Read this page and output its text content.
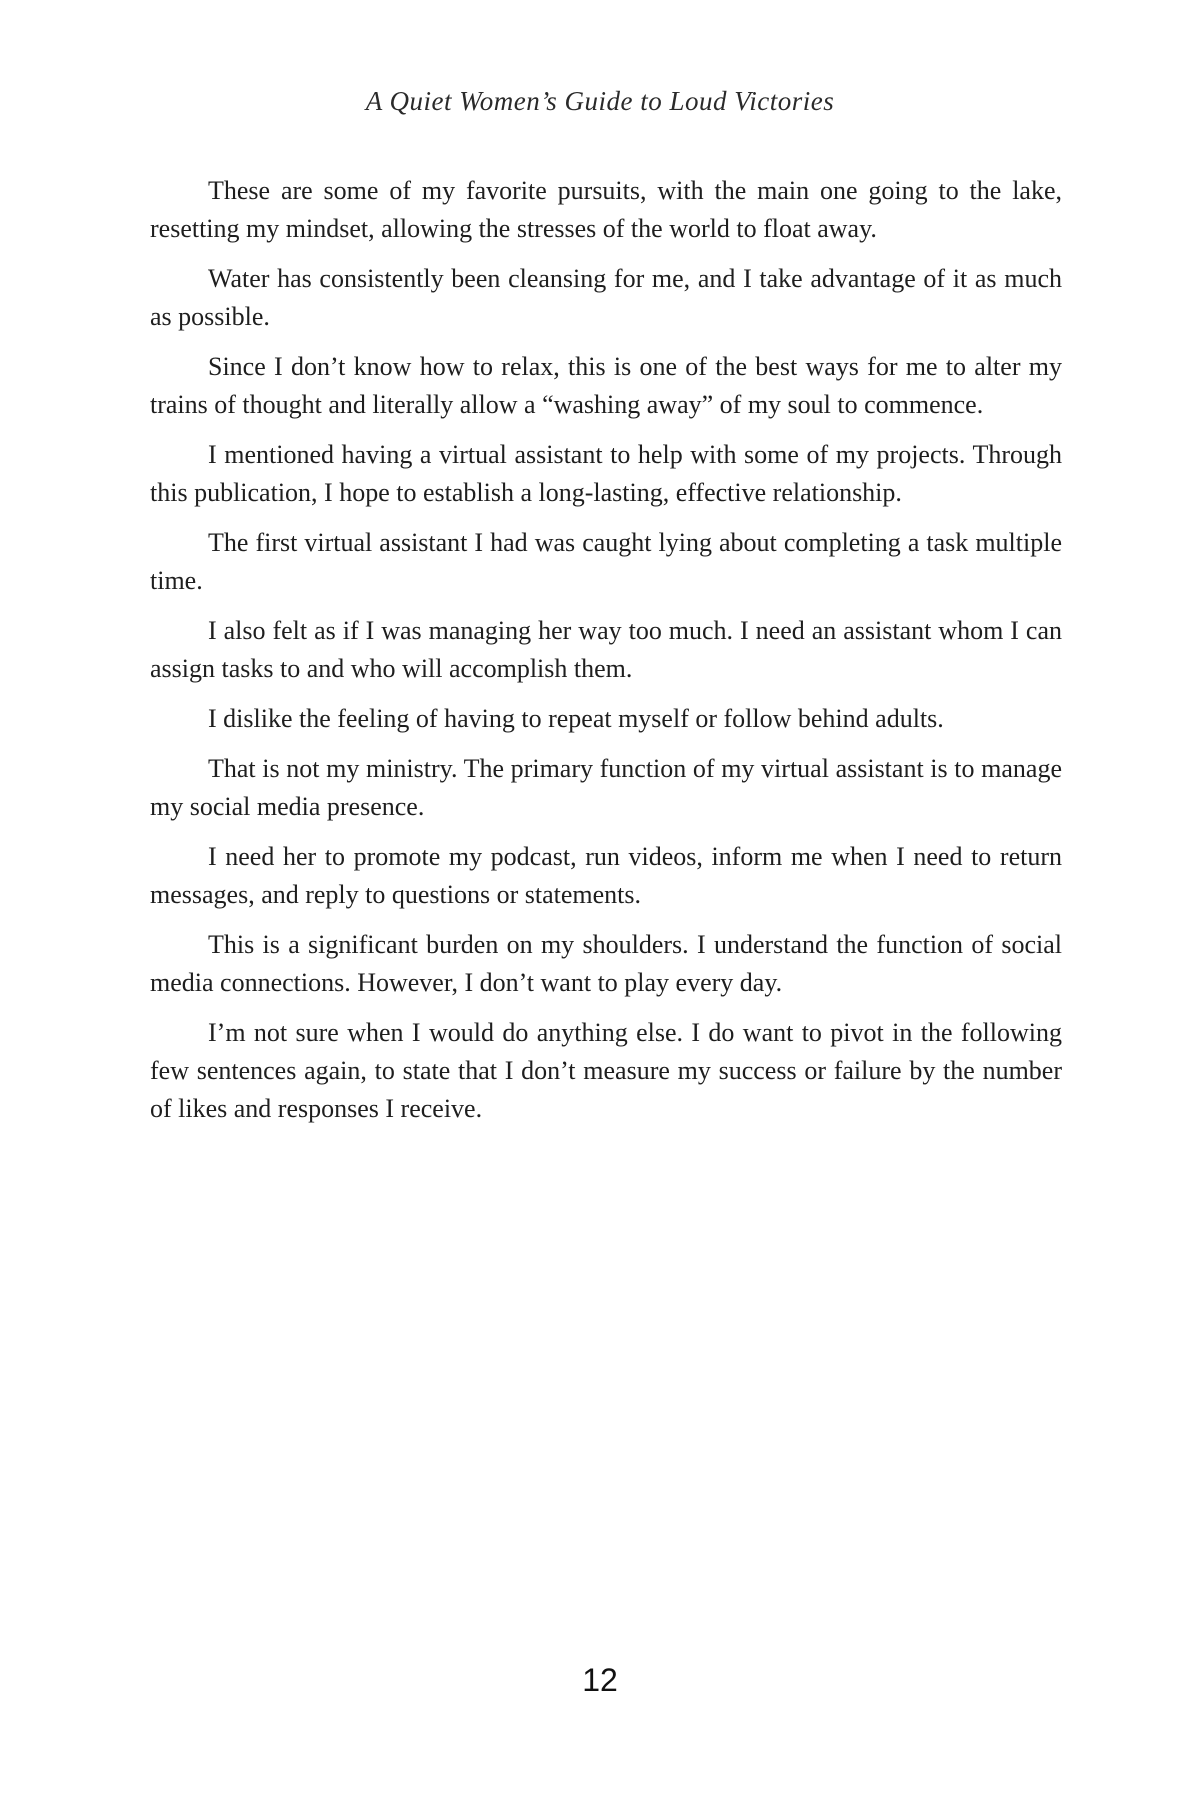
A Quiet Women’s Guide to Loud Victories

These are some of my favorite pursuits, with the main one going to the lake, resetting my mindset, allowing the stresses of the world to float away.

Water has consistently been cleansing for me, and I take advantage of it as much as possible.

Since I don’t know how to relax, this is one of the best ways for me to alter my trains of thought and literally allow a “washing away” of my soul to commence.

I mentioned having a virtual assistant to help with some of my projects. Through this publication, I hope to establish a long-lasting, effective relationship.

The first virtual assistant I had was caught lying about completing a task multiple time.

I also felt as if I was managing her way too much. I need an assistant whom I can assign tasks to and who will accomplish them.

I dislike the feeling of having to repeat myself or follow behind adults.

That is not my ministry. The primary function of my virtual assistant is to manage my social media presence.

I need her to promote my podcast, run videos, inform me when I need to return messages, and reply to questions or statements.

This is a significant burden on my shoulders. I understand the function of social media connections. However, I don’t want to play every day.

I’m not sure when I would do anything else. I do want to pivot in the following few sentences again, to state that I don’t measure my success or failure by the number of likes and responses I receive.

12
